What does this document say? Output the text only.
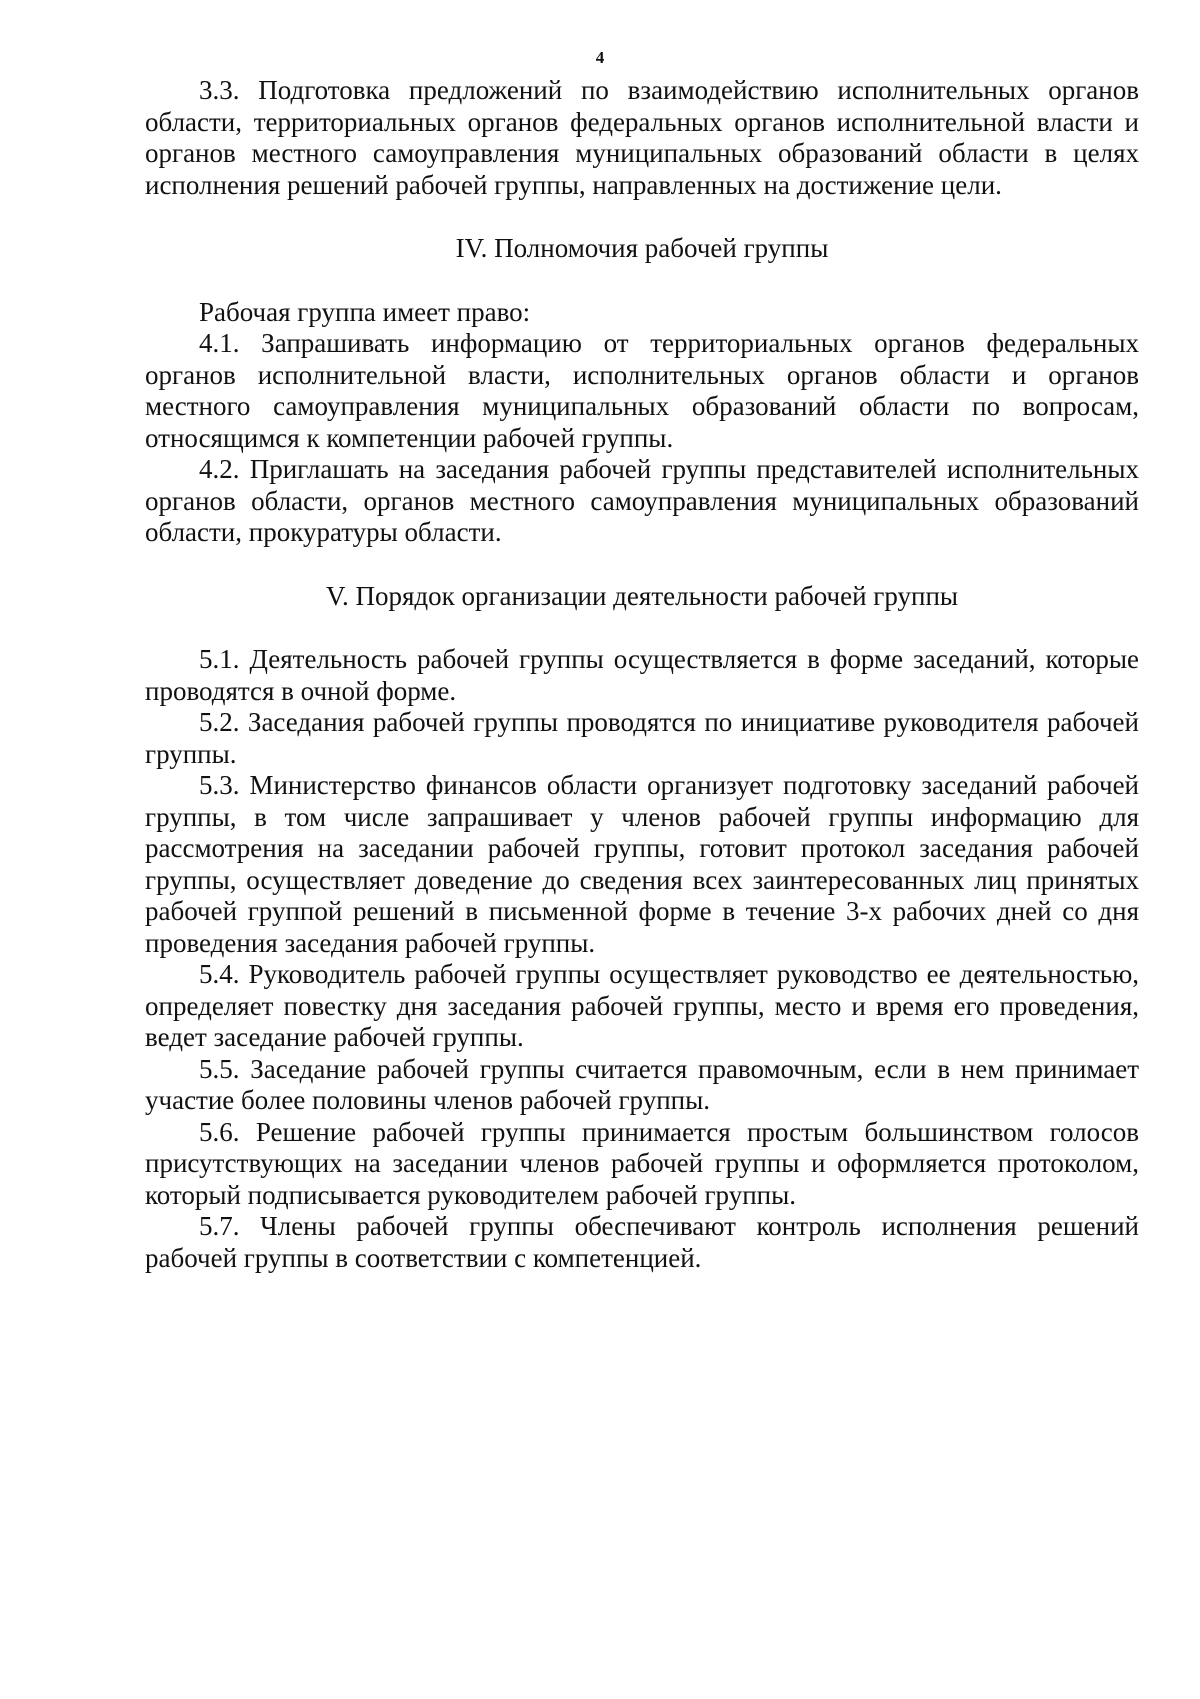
4

3.3. Подготовка предложений по взаимодействию исполнительных органов области, территориальных органов федеральных органов исполнительной власти и органов местного самоуправления муниципальных образований области в целях исполнения решений рабочей группы, направленных на достижение цели.

IV. Полномочия рабочей группы

Рабочая группа имеет право:

4.1. Запрашивать информацию от территориальных органов федеральных органов исполнительной власти, исполнительных органов области и органов местного самоуправления муниципальных образований области по вопросам, относящимся к компетенции рабочей группы.

4.2. Приглашать на заседания рабочей группы представителей исполнительных органов области, органов местного самоуправления муниципальных образований области, прокуратуры области.

V. Порядок организации деятельности рабочей группы

5.1. Деятельность рабочей группы осуществляется в форме заседаний, которые проводятся в очной форме.

5.2. Заседания рабочей группы проводятся по инициативе руководителя рабочей группы.

5.3. Министерство финансов области организует подготовку заседаний рабочей группы, в том числе запрашивает у членов рабочей группы информацию для рассмотрения на заседании рабочей группы, готовит протокол заседания рабочей группы, осуществляет доведение до сведения всех заинтересованных лиц принятых рабочей группой решений в письменной форме в течение 3-х рабочих дней со дня проведения заседания рабочей группы.

5.4. Руководитель рабочей группы осуществляет руководство ее деятельностью, определяет повестку дня заседания рабочей группы, место и время его проведения, ведет заседание рабочей группы.

5.5. Заседание рабочей группы считается правомочным, если в нем принимает участие более половины членов рабочей группы.

5.6. Решение рабочей группы принимается простым большинством голосов присутствующих на заседании членов рабочей группы и оформляется протоколом, который подписывается руководителем рабочей группы.

5.7. Члены рабочей группы обеспечивают контроль исполнения решений рабочей группы в соответствии с компетенцией.
